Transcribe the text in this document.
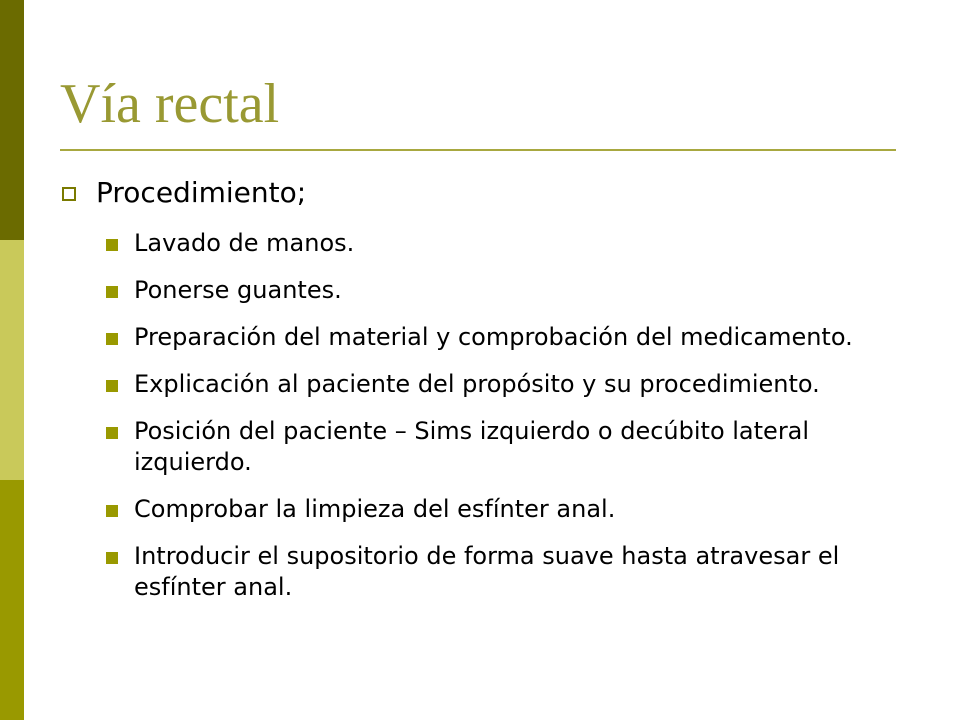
Vía rectal
Procedimiento;
Lavado de manos.
Ponerse guantes.
Preparación del material y comprobación del medicamento.
Explicación al paciente del propósito y su procedimiento.
Posición del paciente – Sims izquierdo o decúbito lateral izquierdo.
Comprobar la limpieza del esfínter anal.
Introducir el supositorio de forma suave hasta atravesar el esfínter anal.
